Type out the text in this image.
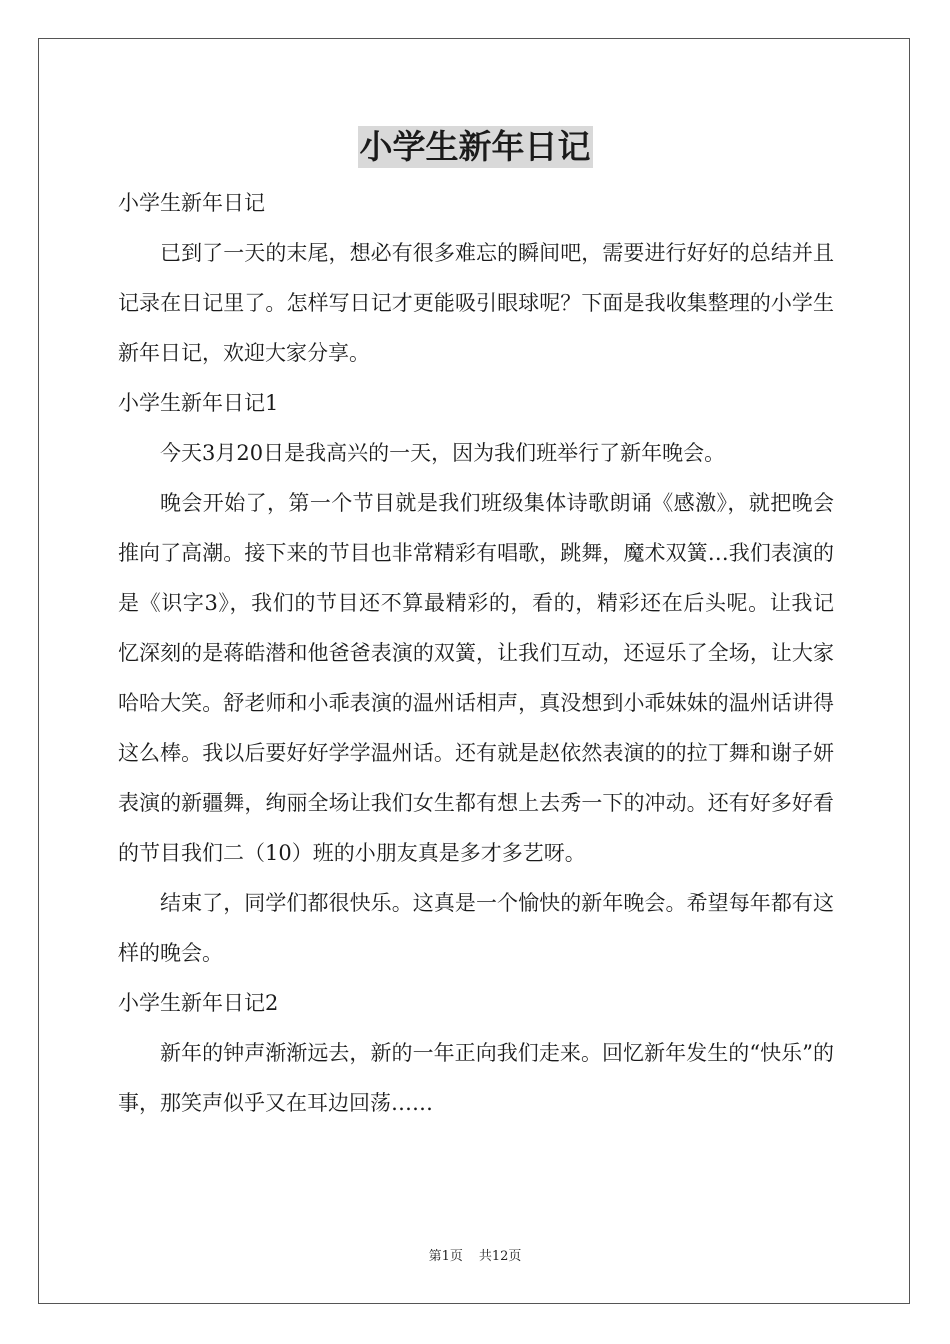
小学生新年日记

小学生新年日记

已到了一天的末尾，想必有很多难忘的瞬间吧，需要进行好好的总结并且记录在日记里了。怎样写日记才更能吸引眼球呢？下面是我收集整理的小学生新年日记，欢迎大家分享。

小学生新年日记1

今天3月20日是我高兴的一天，因为我们班举行了新年晚会。

晚会开始了，第一个节目就是我们班级集体诗歌朗诵《感激》，就把晚会推向了高潮。接下来的节目也非常精彩有唱歌，跳舞，魔术双簧…我们表演的是《识字3》，我们的节目还不算最精彩的，看的，精彩还在后头呢。让我记忆深刻的是蒋皓潜和他爸爸表演的双簧，让我们互动，还逗乐了全场，让大家哈哈大笑。舒老师和小乖表演的温州话相声，真没想到小乖妹妹的温州话讲得这么棒。我以后要好好学学温州话。还有就是赵依然表演的的拉丁舞和谢子妍表演的新疆舞，绚丽全场让我们女生都有想上去秀一下的冲动。还有好多好看的节目我们二（10）班的小朋友真是多才多艺呀。

结束了，同学们都很快乐。这真是一个愉快的新年晚会。希望每年都有这样的晚会。

小学生新年日记2

新年的钟声渐渐远去，新的一年正向我们走来。回忆新年发生的“快乐”的事，那笑声似乎又在耳边回荡……

第1页 共12页
